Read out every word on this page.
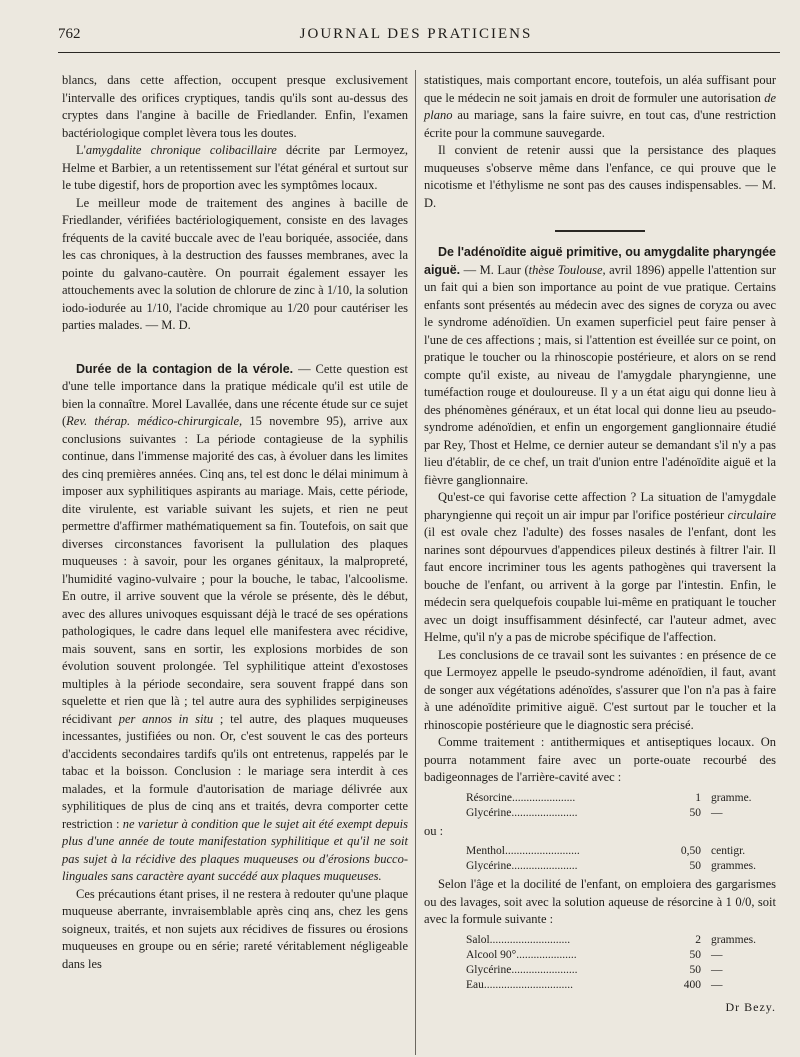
762	JOURNAL DES PRATICIENS

blancs, dans cette affection, occupent presque exclusivement l'intervalle des orifices cryptiques, tandis qu'ils sont au-dessus des cryptes dans l'angine à bacille de Friedlander. Enfin, l'examen bactériologique complet lèvera tous les doutes.

L'amygdalite chronique colibacillaire décrite par Lermoyez, Helme et Barbier, a un retentissement sur l'état général et surtout sur le tube digestif, hors de proportion avec les symptômes locaux.

Le meilleur mode de traitement des angines à bacille de Friedlander, vérifiées bactériologiquement, consiste en des lavages fréquents de la cavité buccale avec de l'eau boriquée, associée, dans les cas chroniques, à la destruction des fausses membranes, avec la pointe du galvano-cautère. On pourrait également essayer les attouchements avec la solution de chlorure de zinc à 1/10, la solution iodo-iodurée au 1/10, l'acide chromique au 1/20 pour cautériser les parties malades. — M. D.

Durée de la contagion de la vérole. — Cette question est d'une telle importance dans la pratique médicale qu'il est utile de bien la connaître. Morel Lavallée, dans une récente étude sur ce sujet (Rev. thérap. médico-chirurgicale, 15 novembre 95), arrive aux conclusions suivantes : La période contagieuse de la syphilis continue, dans l'immense majorité des cas, à évoluer dans les limites des cinq premières années. Cinq ans, tel est donc le délai minimum à imposer aux syphilitiques aspirants au mariage. Mais, cette période, dite virulente, est variable suivant les sujets, et rien ne peut permettre d'affirmer mathématiquement sa fin. Toutefois, on sait que diverses circonstances favorisent la pullulation des plaques muqueuses : à savoir, pour les organes génitaux, la malpropreté, l'humidité vagino-vulvaire ; pour la bouche, le tabac, l'alcoolisme. En outre, il arrive souvent que la vérole se présente, dès le début, avec des allures univoques esquissant déjà le tracé de ses opérations pathologiques, le cadre dans lequel elle manifestera avec récidive, mais souvent, sans en sortir, les explosions morbides de son évolution souvent prolongée. Tel syphilitique atteint d'exostoses multiples à la période secondaire, sera souvent frappé dans son squelette et rien que là ; tel autre aura des syphilides serpigineuses récidivant per annos in situ ; tel autre, des plaques muqueuses incessantes, justifiées ou non. Or, c'est souvent le cas des porteurs d'accidents secondaires tardifs qu'ils ont entretenus, rappelés par le tabac et la boisson. Conclusion : le mariage sera interdit à ces malades, et la formule d'autorisation de mariage délivrée aux syphilitiques de plus de cinq ans et traités, devra comporter cette restriction : ne varietur à condition que le sujet ait été exempt depuis plus d'une année de toute manifestation syphilitique et qu'il ne soit pas sujet à la récidive des plaques muqueuses ou d'érosions bucco-linguales sans caractère ayant succédé aux plaques muqueuses.

Ces précautions étant prises, il ne restera à redouter qu'une plaque muqueuse aberrante, invraisemblable après cinq ans, chez les gens soigneux, traités, et non sujets aux récidives de fissures ou érosions muqueuses en groupe ou en série; rareté véritablement négligeable dans les

statistiques, mais comportant encore, toutefois, un aléa suffisant pour que le médecin ne soit jamais en droit de formuler une autorisation de plano au mariage, sans la faire suivre, en tout cas, d'une restriction écrite pour la commune sauvegarde.

Il convient de retenir aussi que la persistance des plaques muqueuses s'observe même dans l'enfance, ce qui prouve que le nicotisme et l'éthylisme ne sont pas des causes indispensables. — M. D.

De l'adénoïdite aiguë primitive, ou amygdalite pharyngée aiguë. — M. Laur (thèse Toulouse, avril 1896) appelle l'attention sur un fait qui a bien son importance au point de vue pratique. Certains enfants sont présentés au médecin avec des signes de coryza ou avec le syndrome adénoïdien. Un examen superficiel peut faire penser à l'une de ces affections ; mais, si l'attention est éveillée sur ce point, on pratique le toucher ou la rhinoscopie postérieure, et alors on se rend compte qu'il existe, au niveau de l'amygdale pharyngienne, une tuméfaction rouge et douloureuse. Il y a un état aigu qui donne lieu à des phénomènes généraux, et un état local qui donne lieu au pseudo-syndrome adénoïdien, et enfin un engorgement ganglionnaire étudié par Rey, Thost et Helme, ce dernier auteur se demandant s'il n'y a pas lieu d'établir, de ce chef, un trait d'union entre l'adénoïdite aiguë et la fièvre ganglionnaire.

Qu'est-ce qui favorise cette affection ? La situation de l'amygdale pharyngienne qui reçoit un air impur par l'orifice postérieur circulaire (il est ovale chez l'adulte) des fosses nasales de l'enfant, dont les narines sont dépourvues d'appendices pileux destinés à filtrer l'air. Il faut encore incriminer tous les agents pathogènes qui traversent la bouche de l'enfant, ou arrivent à la gorge par l'intestin. Enfin, le médecin sera quelquefois coupable lui-même en pratiquant le toucher avec un doigt insuffisamment désinfecté, car l'auteur admet, avec Helme, qu'il n'y a pas de microbe spécifique de l'affection.

Les conclusions de ce travail sont les suivantes : en présence de ce que Lermoyez appelle le pseudo-syndrome adénoïdien, il faut, avant de songer aux végétations adénoïdes, s'assurer que l'on n'a pas à faire à une adénoïdite primitive aiguë. C'est surtout par le toucher et la rhinoscopie postérieure que le diagnostic sera précisé.

Comme traitement : antithermiques et antiseptiques locaux. On pourra notamment faire avec un porte-ouate recourbé des badigeonnages de l'arrière-cavité avec :

Résorcine......................	1 gramme.
Glycérine.......................	50 —
ou :
Menthol..........................	0,50 centigr.
Glycérine.......................	50 grammes.

Selon l'âge et la docilité de l'enfant, on emploiera des gargarismes ou des lavages, soit avec la solution aqueuse de résorcine à 1 0/0, soit avec la formule suivante :

Salol............................	2 grammes.
Alcool 90°.....................	50 —
Glycérine.......................	50 —
Eau...............................	400 —
Dr Bezy.
